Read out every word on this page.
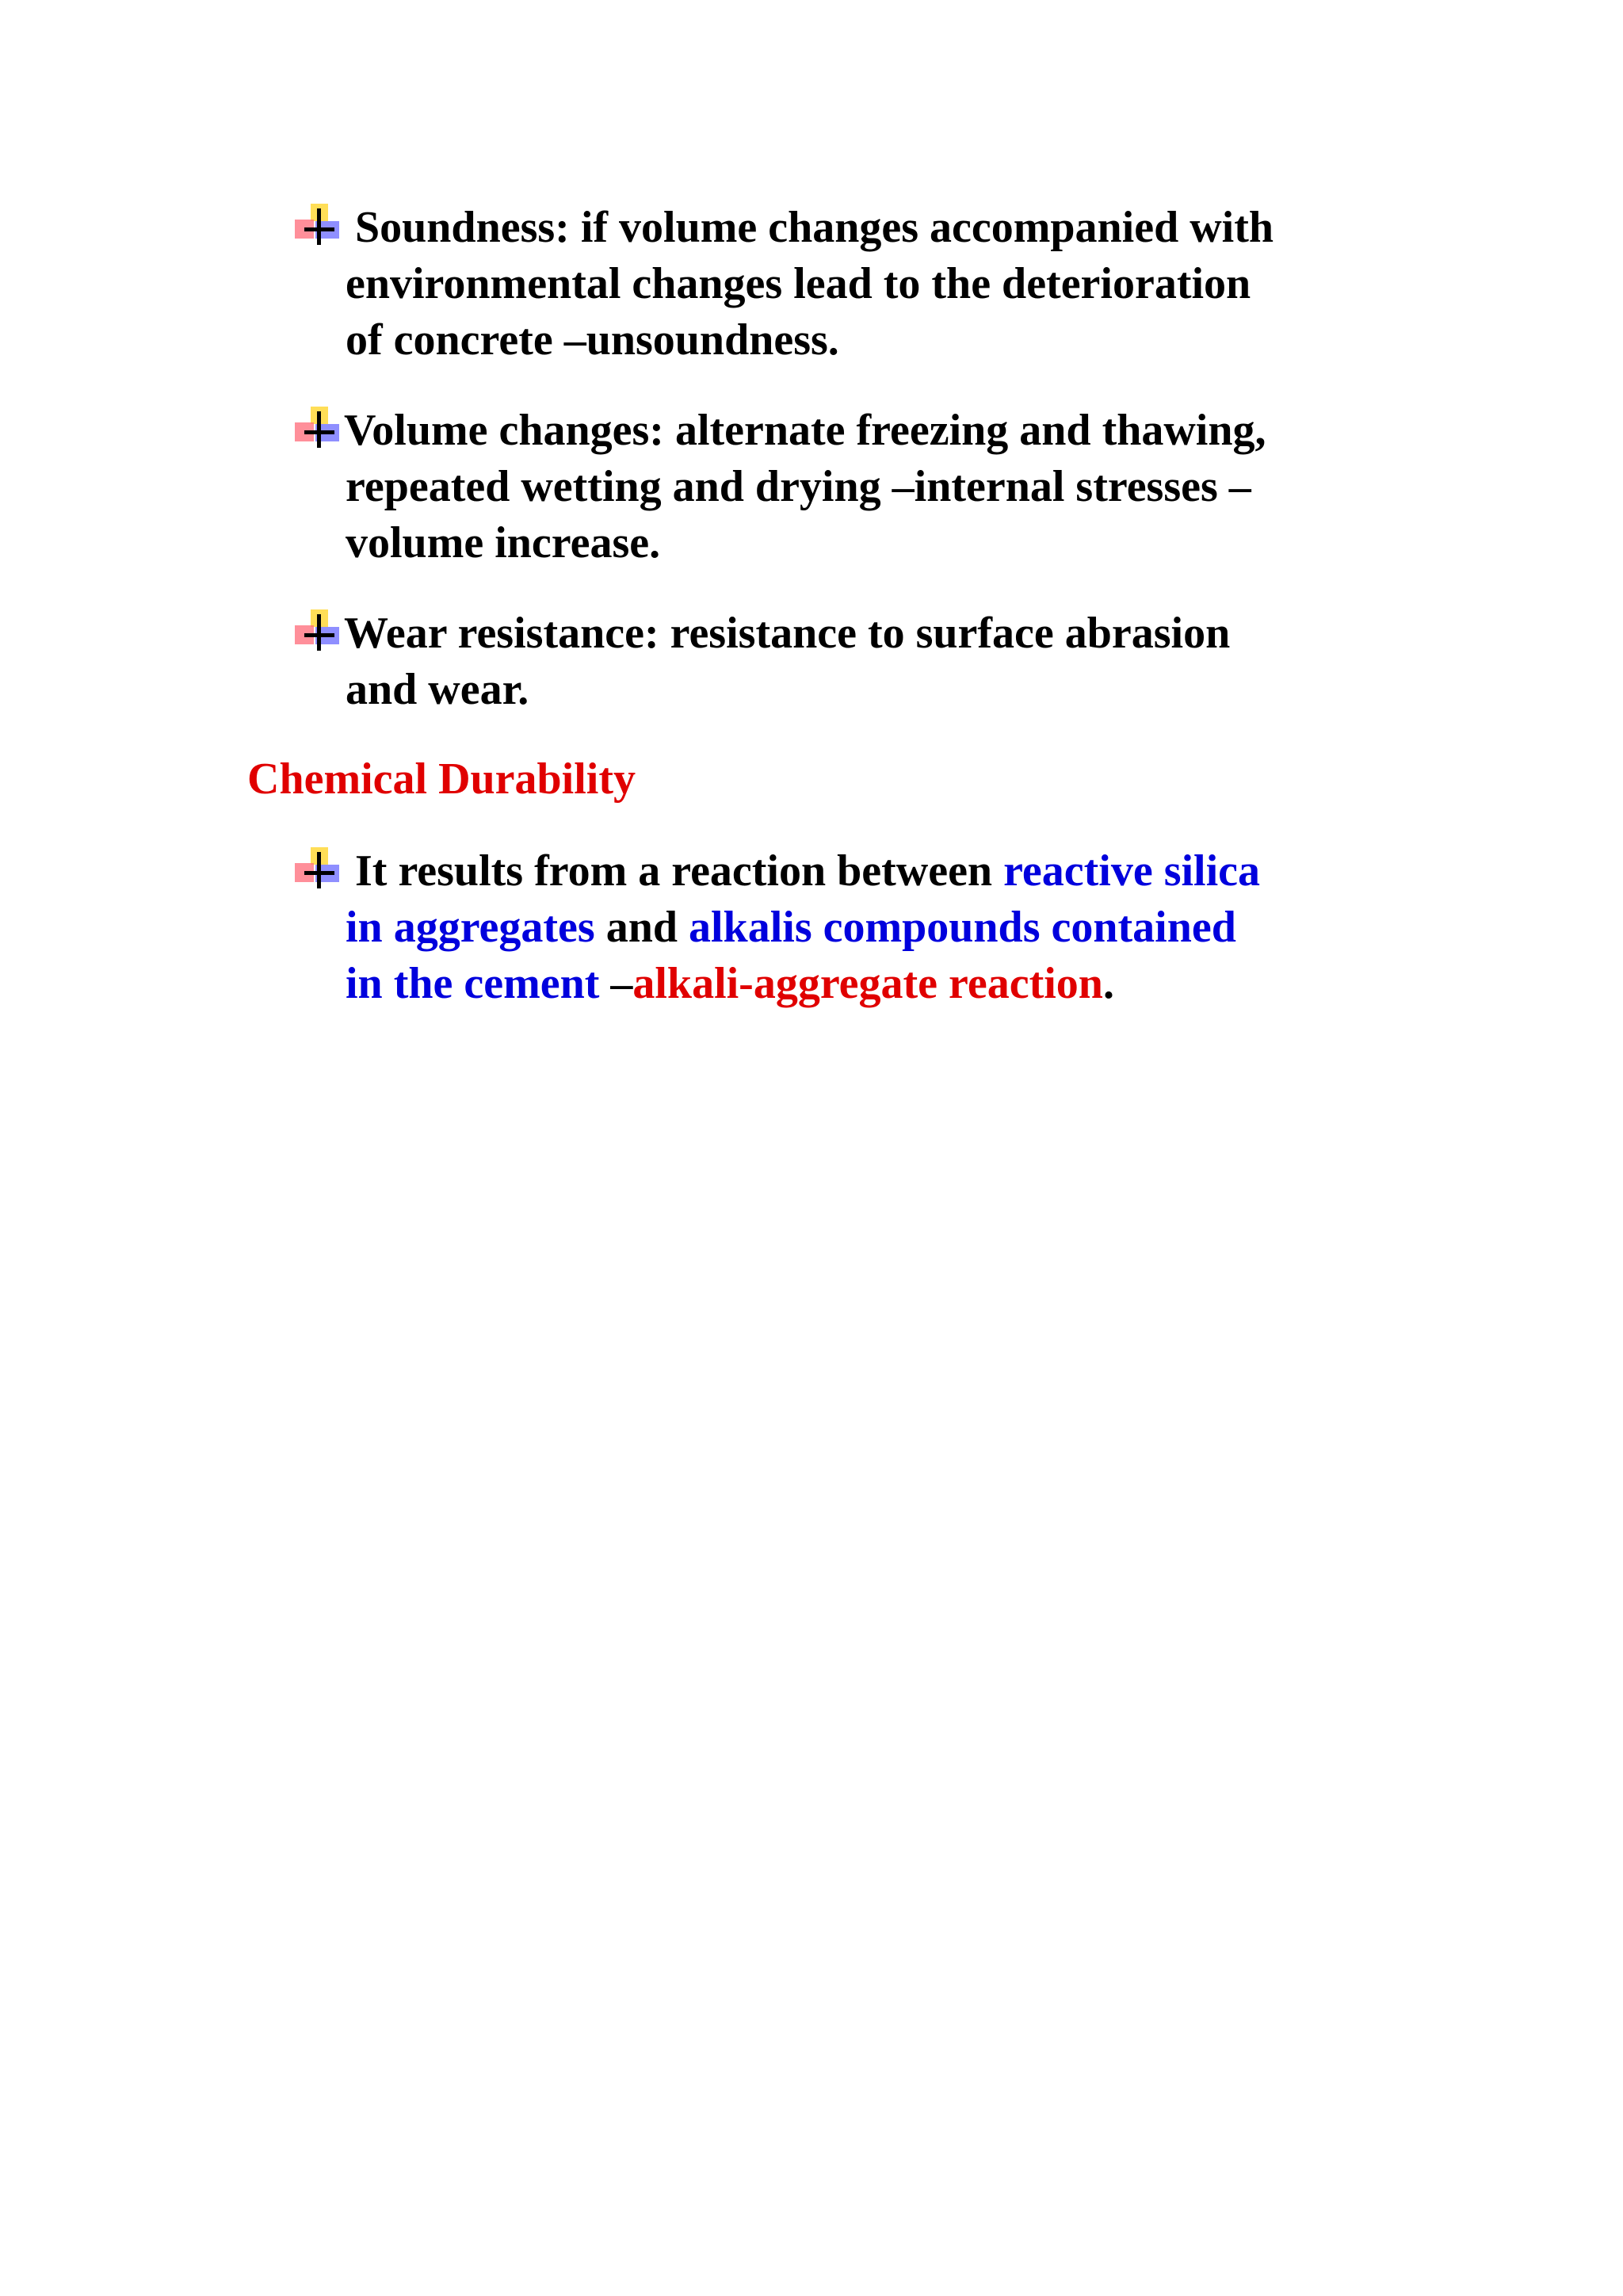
Soundness: if volume changes accompanied with
environmental changes lead to the deterioration
of concrete –unsoundness.
Volume changes: alternate freezing and thawing,
repeated wetting and drying –internal stresses –
volume increase.
Wear resistance: resistance to surface abrasion
and wear.
Chemical Durability
It results from a reaction between reactive silica
in aggregates and alkalis compounds contained
in the cement –alkali-aggregate reaction.
